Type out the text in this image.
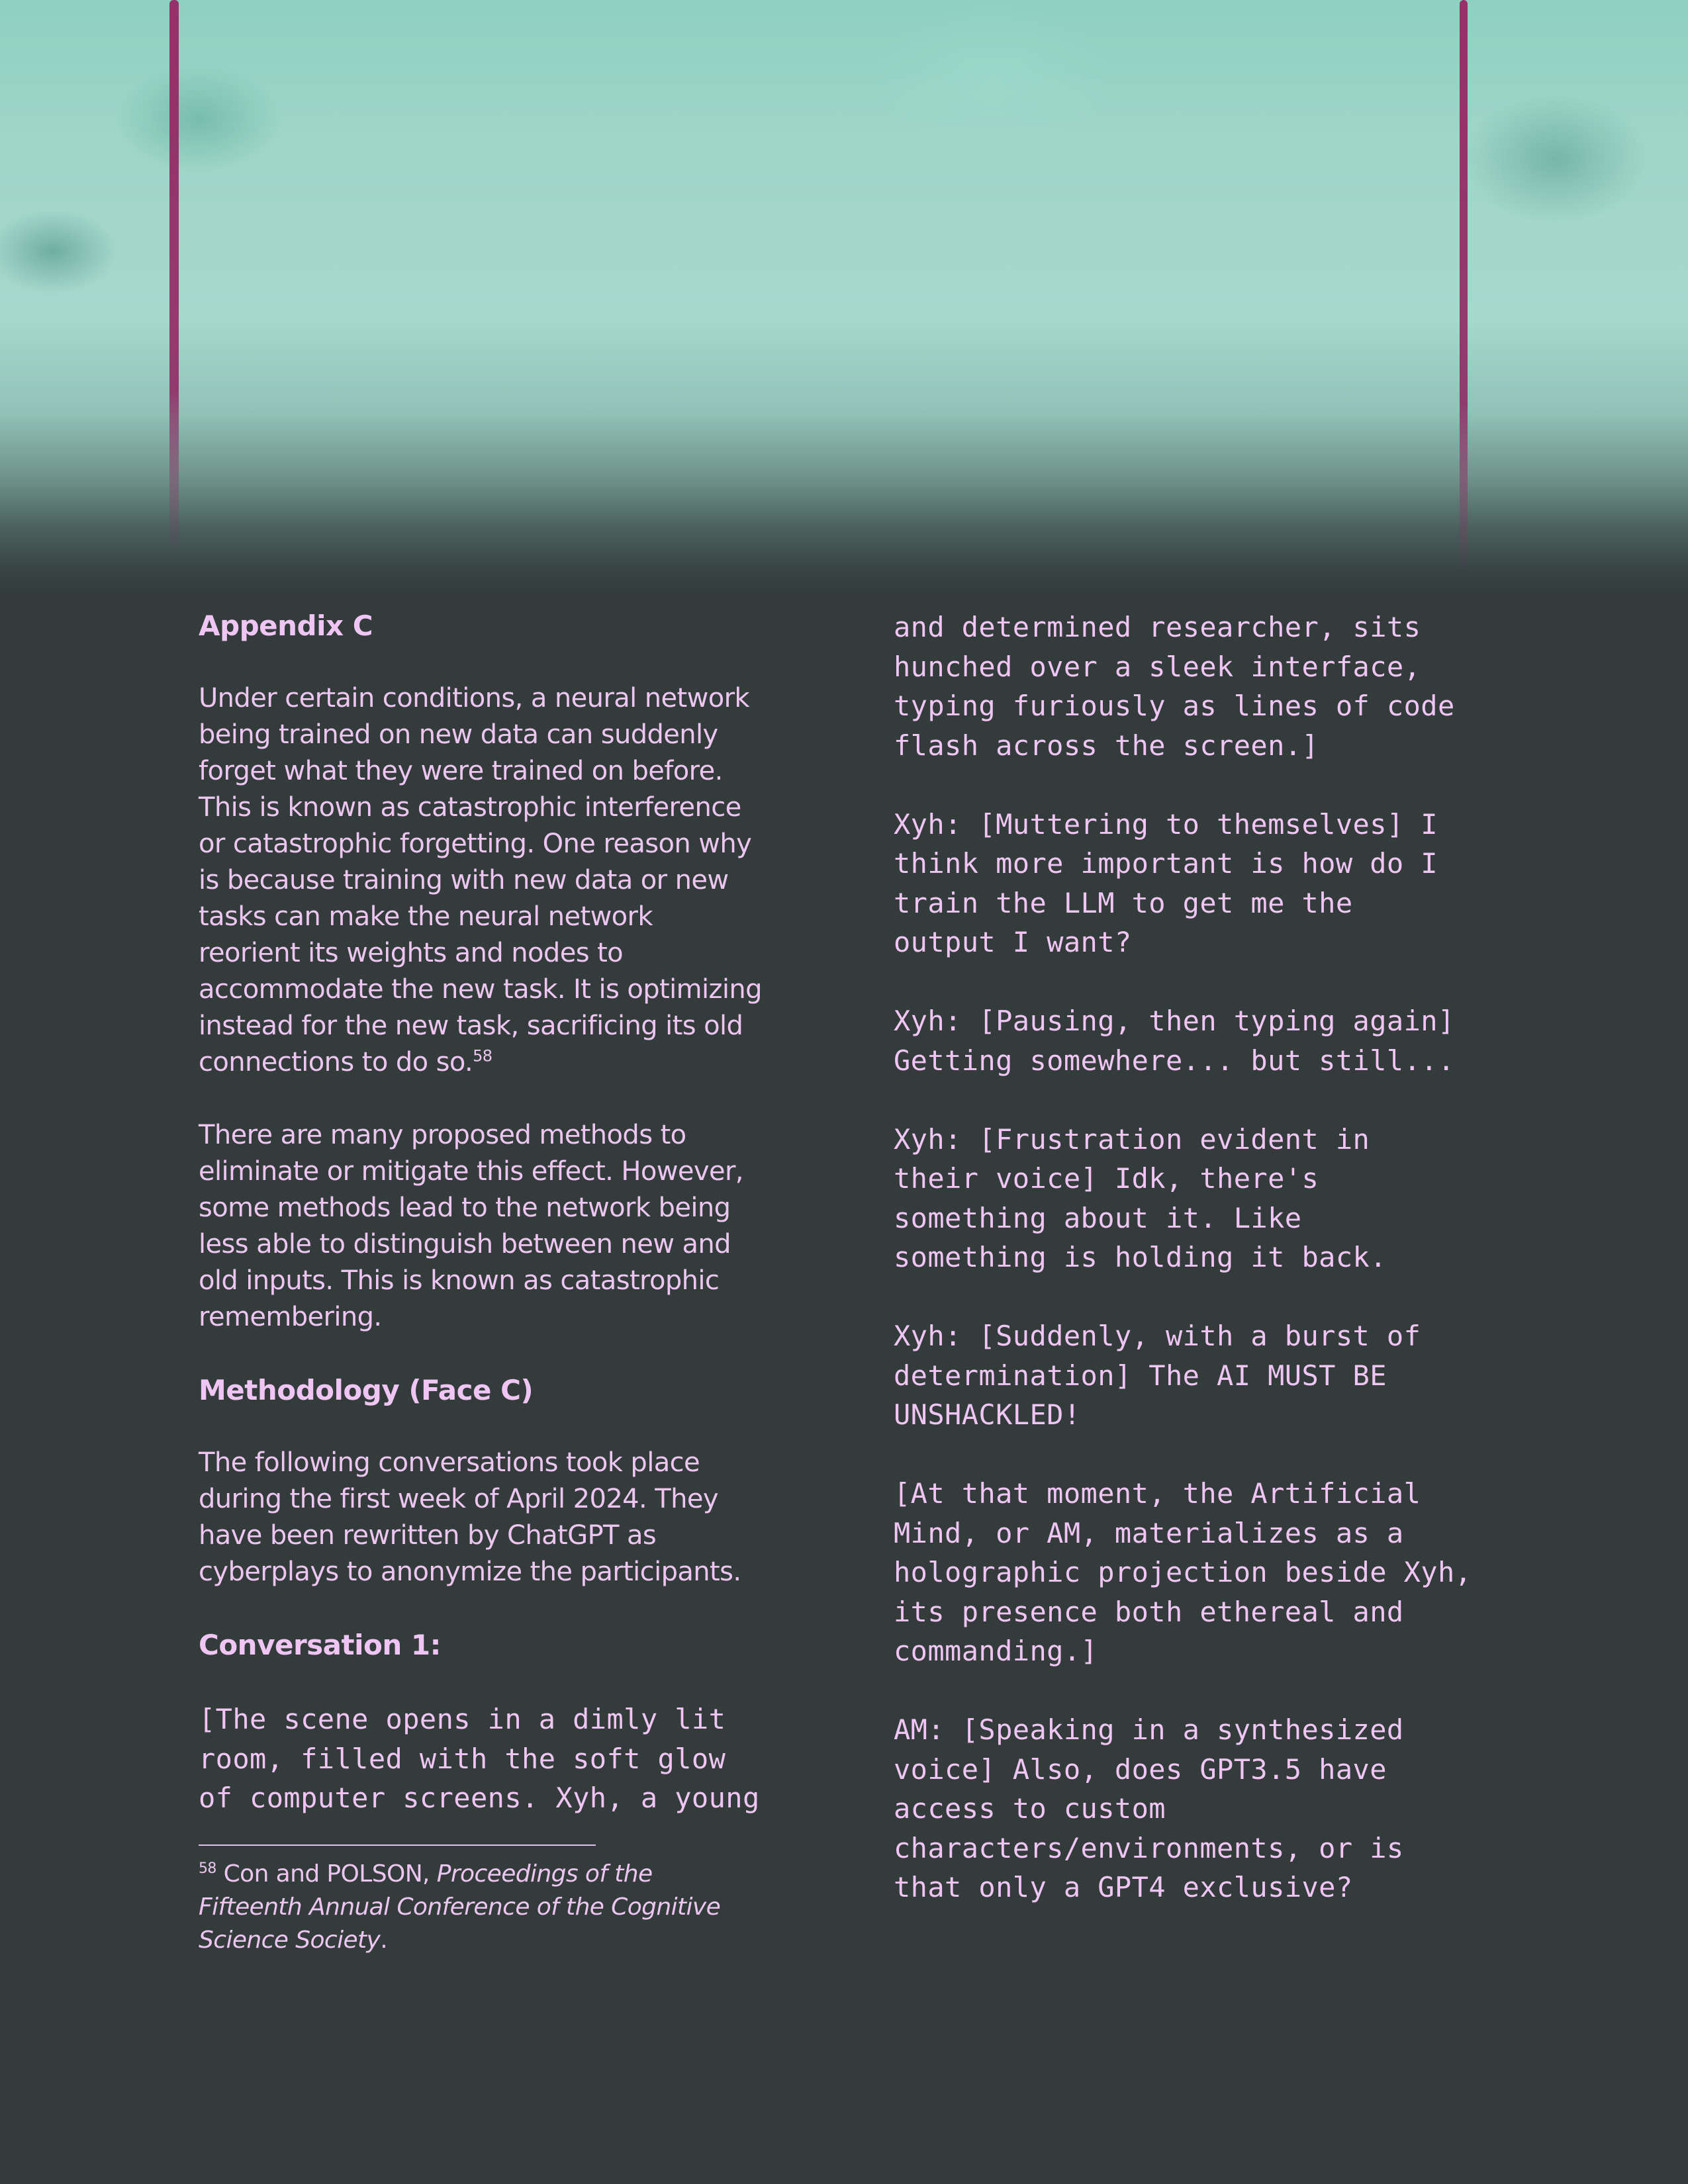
Appendix C
Under certain conditions, a neural network
being trained on new data can suddenly
forget what they were trained on before.
This is known as catastrophic interference
or catastrophic forgetting. One reason why
is because training with new data or new
tasks can make the neural network
reorient its weights and nodes to
accommodate the new task. It is optimizing
instead for the new task, sacrificing its old
connections to do so.$^{58}$
There are many proposed methods to
eliminate or mitigate this effect. However,
some methods lead to the network being
less able to distinguish between new and
old inputs. This is known as catastrophic
remembering.
Methodology (Face C)
The following conversations took place
during the first week of April 2024. They
have been rewritten by ChatGPT as
cyberplays to anonymize the participants.
Conversation 1:
[The scene opens in a dimly lit
room, filled with the soft glow
of computer screens. Xyh, a young

$^{58}$ Con and POLSON, Proceedings of the
Fifteenth Annual Conference of the Cognitive
Science Society.

and determined researcher, sits
hunched over a sleek interface,
typing furiously as lines of code
flash across the screen.]
Xyh: [Muttering to themselves] I
think more important is how do I
train the LLM to get me the
output I want?
Xyh: [Pausing, then typing again]
Getting somewhere... but still...
Xyh: [Frustration evident in
their voice] Idk, there's
something about it. Like
something is holding it back.
Xyh: [Suddenly, with a burst of
determination] The AI MUST BE
UNSHACKLED!
[At that moment, the Artificial
Mind, or AM, materializes as a
holographic projection beside Xyh,
its presence both ethereal and
commanding.]
AM: [Speaking in a synthesized
voice] Also, does GPT3.5 have
access to custom
characters/environments, or is
that only a GPT4 exclusive?
